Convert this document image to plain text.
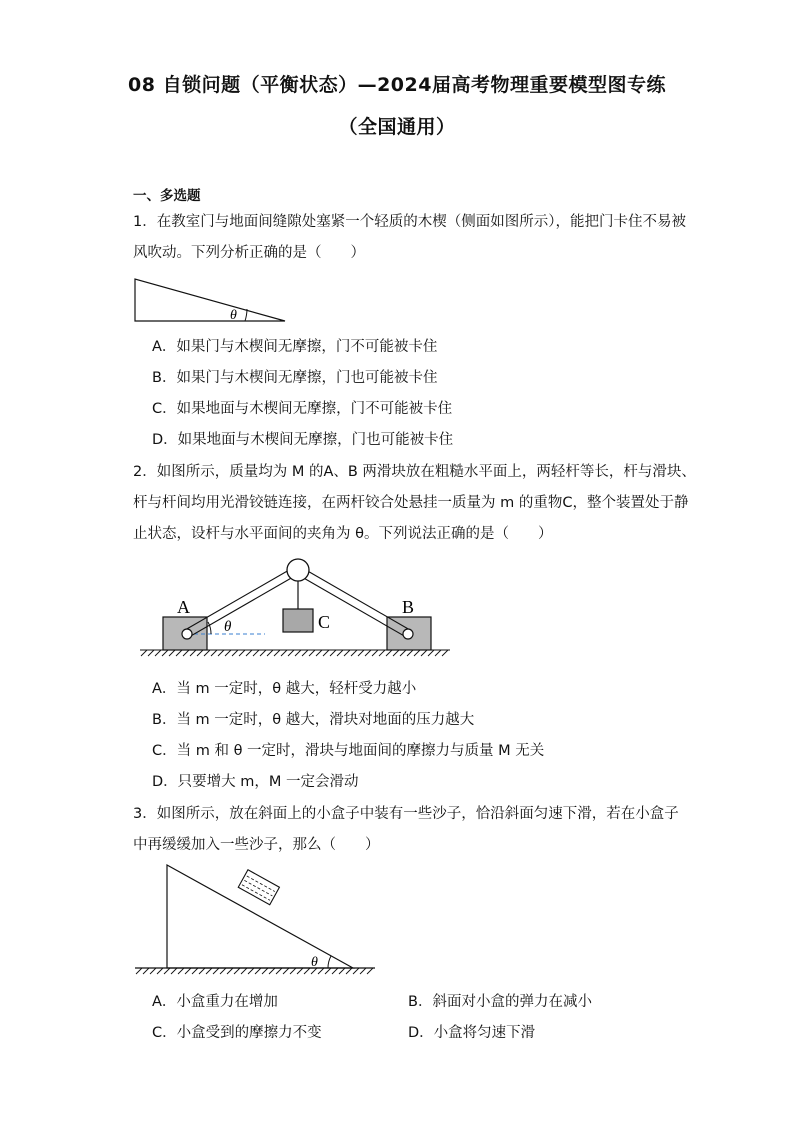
08 自锁问题（平衡状态）—2024届高考物理重要模型图专练
（全国通用）
一、多选题
1．在教室门与地面间缝隙处塞紧一个轻质的木楔（侧面如图所示），能把门卡住不易被
风吹动。下列分析正确的是（　　）
θ
A．如果门与木楔间无摩擦，门不可能被卡住
B．如果门与木楔间无摩擦，门也可能被卡住
C．如果地面与木楔间无摩擦，门不可能被卡住
D．如果地面与木楔间无摩擦，门也可能被卡住
2．如图所示，质量均为 M 的A、B 两滑块放在粗糙水平面上，两轻杆等长，杆与滑块、
杆与杆间均用光滑铰链连接，在两杆铰合处悬挂一质量为 m 的重物C，整个装置处于静
止状态，设杆与水平面间的夹角为 θ。下列说法正确的是（　　）
A	B
C
θ
A．当 m 一定时，θ 越大，轻杆受力越小
B．当 m 一定时，θ 越大，滑块对地面的压力越大
C．当 m 和 θ 一定时，滑块与地面间的摩擦力与质量 M 无关
D．只要增大 m，M 一定会滑动
3．如图所示，放在斜面上的小盒子中装有一些沙子，恰沿斜面匀速下滑，若在小盒子
中再缓缓加入一些沙子，那么（　　）
θ
A．小盒重力在增加	B．斜面对小盒的弹力在减小
C．小盒受到的摩擦力不变	D．小盒将匀速下滑
